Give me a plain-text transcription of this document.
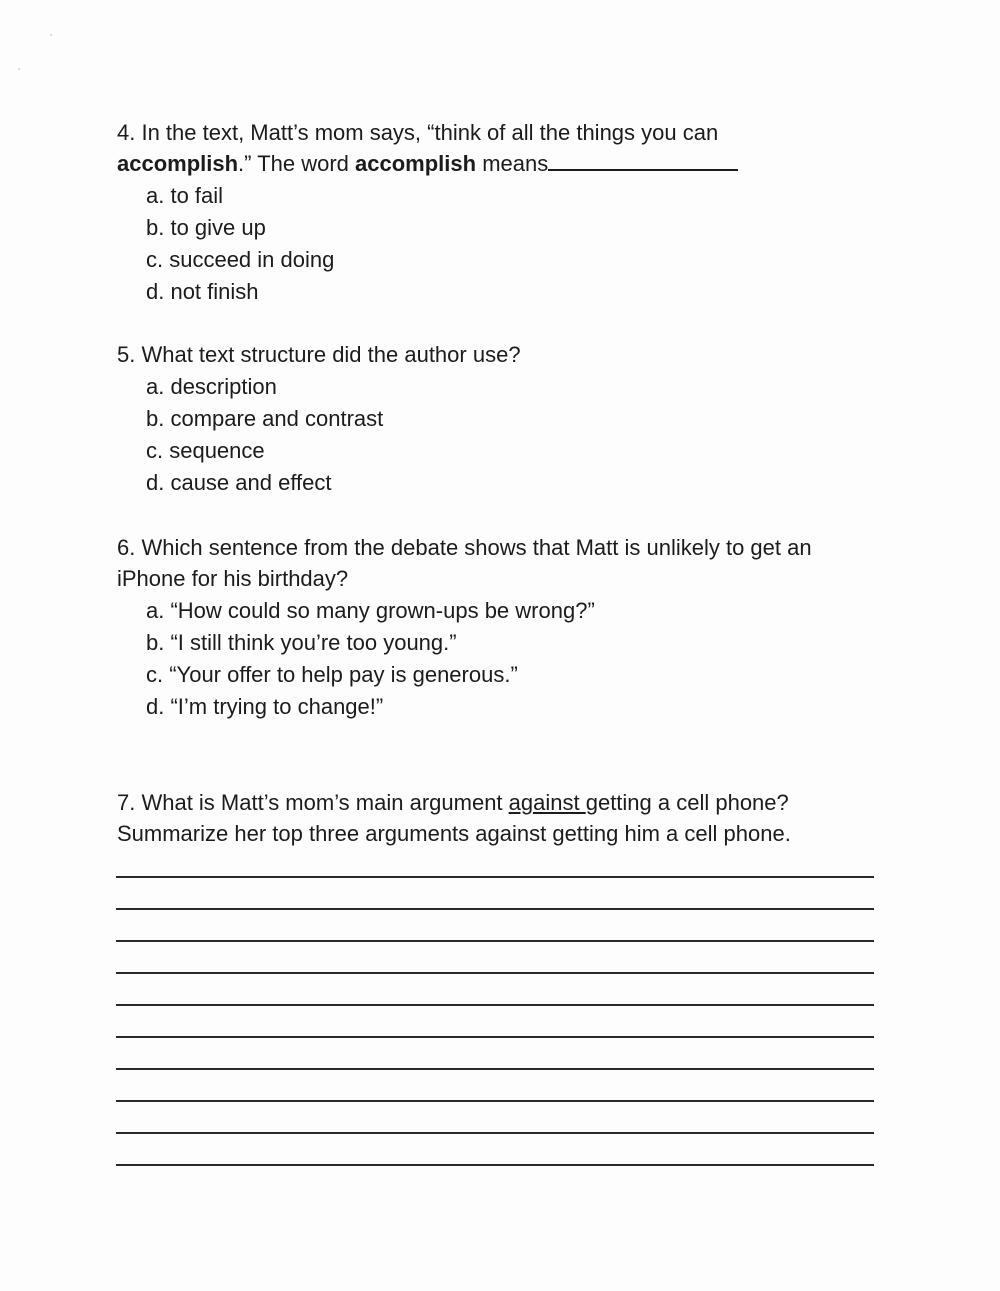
4. In the text, Matt’s mom says, “think of all the things you can
accomplish.” The word accomplish means
a. to fail
b. to give up
c. succeed in doing
d. not finish
5. What text structure did the author use?
a. description
b. compare and contrast
c. sequence
d. cause and effect
6. Which sentence from the debate shows that Matt is unlikely to get an
iPhone for his birthday?
a. “How could so many grown-ups be wrong?”
b. “I still think you’re too young.”
c. “Your offer to help pay is generous.”
d. “I’m trying to change!”
7. What is Matt’s mom’s main argument against getting a cell phone?
Summarize her top three arguments against getting him a cell phone.
